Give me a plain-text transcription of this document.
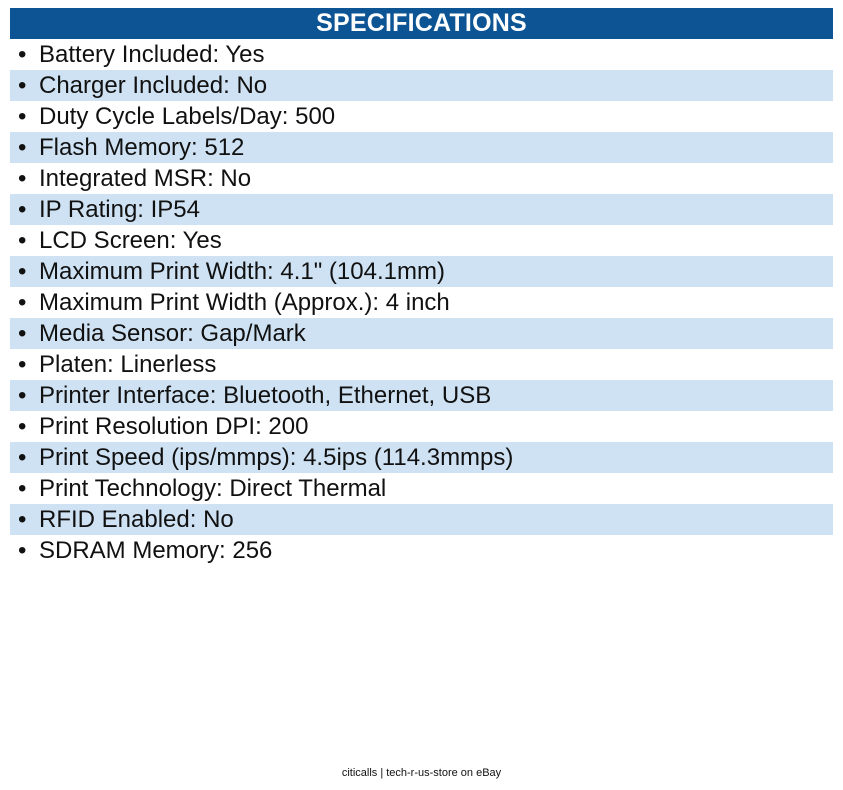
SPECIFICATIONS
• Battery Included: Yes
• Charger Included: No
• Duty Cycle Labels/Day: 500
• Flash Memory: 512
• Integrated MSR: No
• IP Rating: IP54
• LCD Screen: Yes
• Maximum Print Width: 4.1" (104.1mm)
• Maximum Print Width (Approx.): 4 inch
• Media Sensor: Gap/Mark
• Platen: Linerless
• Printer Interface: Bluetooth, Ethernet, USB
• Print Resolution DPI: 200
• Print Speed (ips/mmps): 4.5ips (114.3mmps)
• Print Technology: Direct Thermal
• RFID Enabled: No
• SDRAM Memory: 256
citicalls | tech-r-us-store on eBay
